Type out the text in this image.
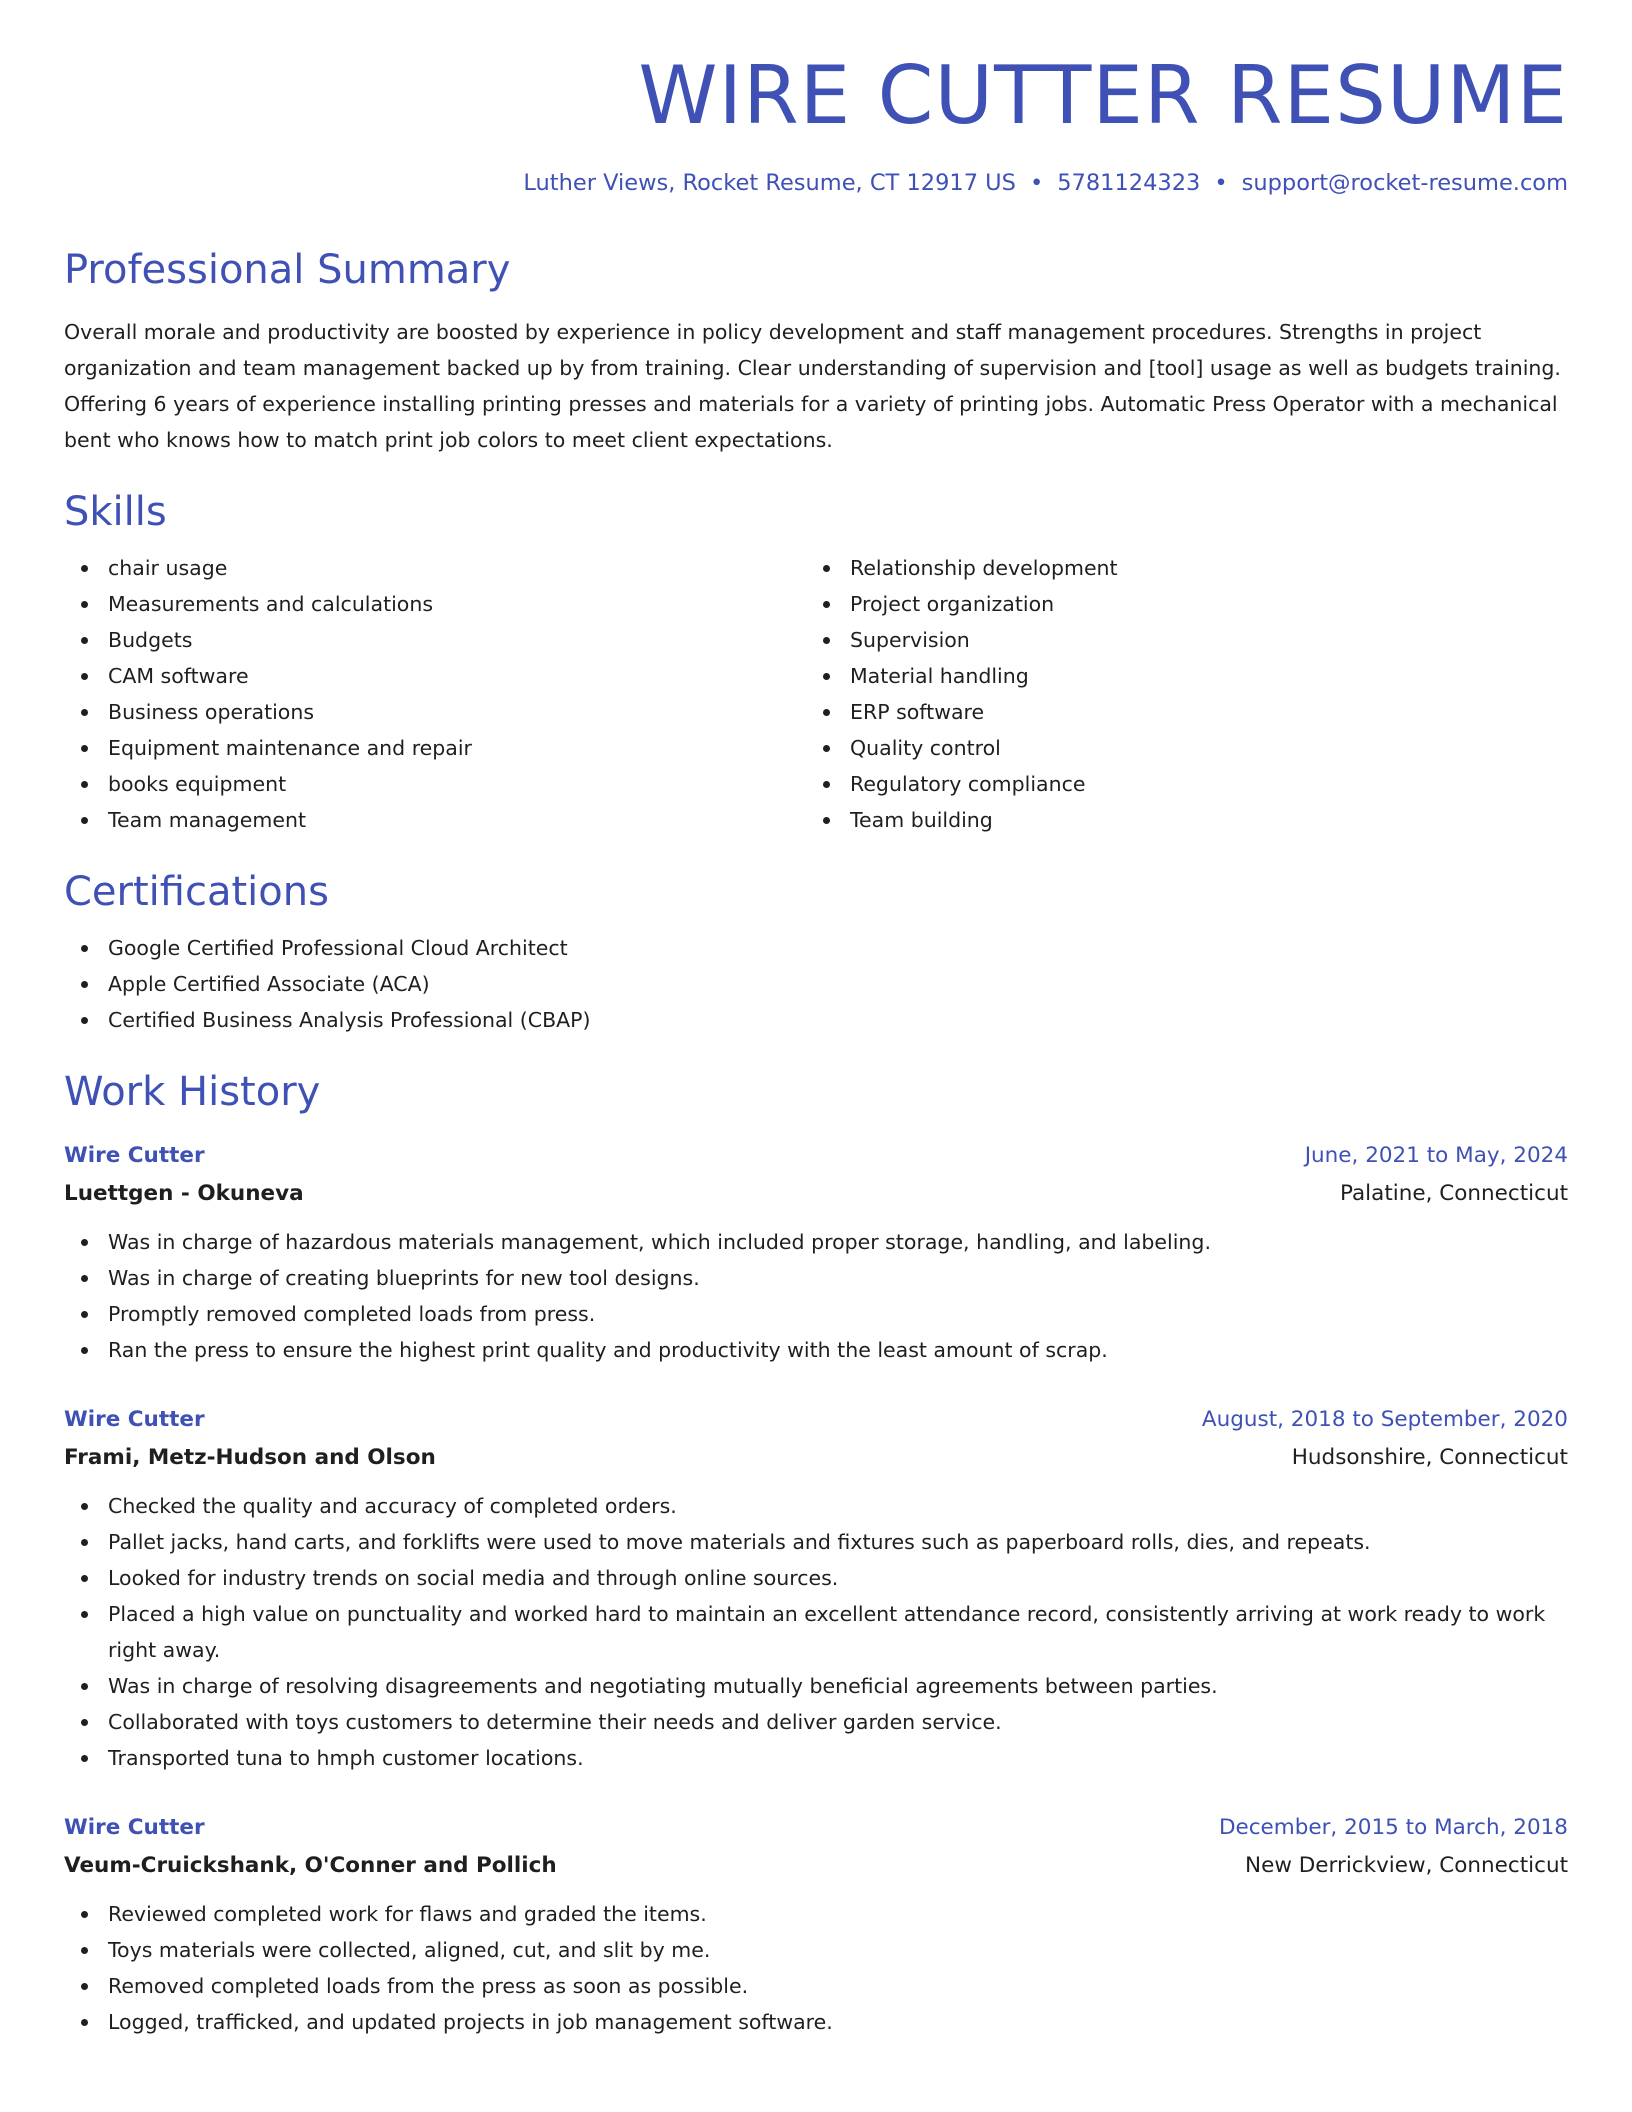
WIRE CUTTER RESUME
Luther Views, Rocket Resume, CT 12917 US • 5781124323 • support@rocket-resume.com
Professional Summary

Overall morale and productivity are boosted by experience in policy development and staff management procedures. Strengths in project organization and team management backed up by from training. Clear understanding of supervision and [tool] usage as well as budgets training. Offering 6 years of experience installing printing presses and materials for a variety of printing jobs. Automatic Press Operator with a mechanical bent who knows how to match print job colors to meet client expectations.

Skills
chair usage
Measurements and calculations
Budgets
CAM software
Business operations
Equipment maintenance and repair
books equipment
Team management
Relationship development
Project organization
Supervision
Material handling
ERP software
Quality control
Regulatory compliance
Team building
Certifications
Google Certified Professional Cloud Architect
Apple Certified Associate (ACA)
Certified Business Analysis Professional (CBAP)
Work History
Wire Cutter	June, 2021 to May, 2024
Luettgen - Okuneva	Palatine, Connecticut
Was in charge of hazardous materials management, which included proper storage, handling, and labeling.
Was in charge of creating blueprints for new tool designs.
Promptly removed completed loads from press.
Ran the press to ensure the highest print quality and productivity with the least amount of scrap.
Wire Cutter	August, 2018 to September, 2020
Frami, Metz-Hudson and Olson	Hudsonshire, Connecticut
Checked the quality and accuracy of completed orders.
Pallet jacks, hand carts, and forklifts were used to move materials and fixtures such as paperboard rolls, dies, and repeats.
Looked for industry trends on social media and through online sources.
Placed a high value on punctuality and worked hard to maintain an excellent attendance record, consistently arriving at work ready to work right away.
Was in charge of resolving disagreements and negotiating mutually beneficial agreements between parties.
Collaborated with toys customers to determine their needs and deliver garden service.
Transported tuna to hmph customer locations.
Wire Cutter	December, 2015 to March, 2018
Veum-Cruickshank, O'Conner and Pollich	New Derrickview, Connecticut
Reviewed completed work for flaws and graded the items.
Toys materials were collected, aligned, cut, and slit by me.
Removed completed loads from the press as soon as possible.
Logged, trafficked, and updated projects in job management software.
